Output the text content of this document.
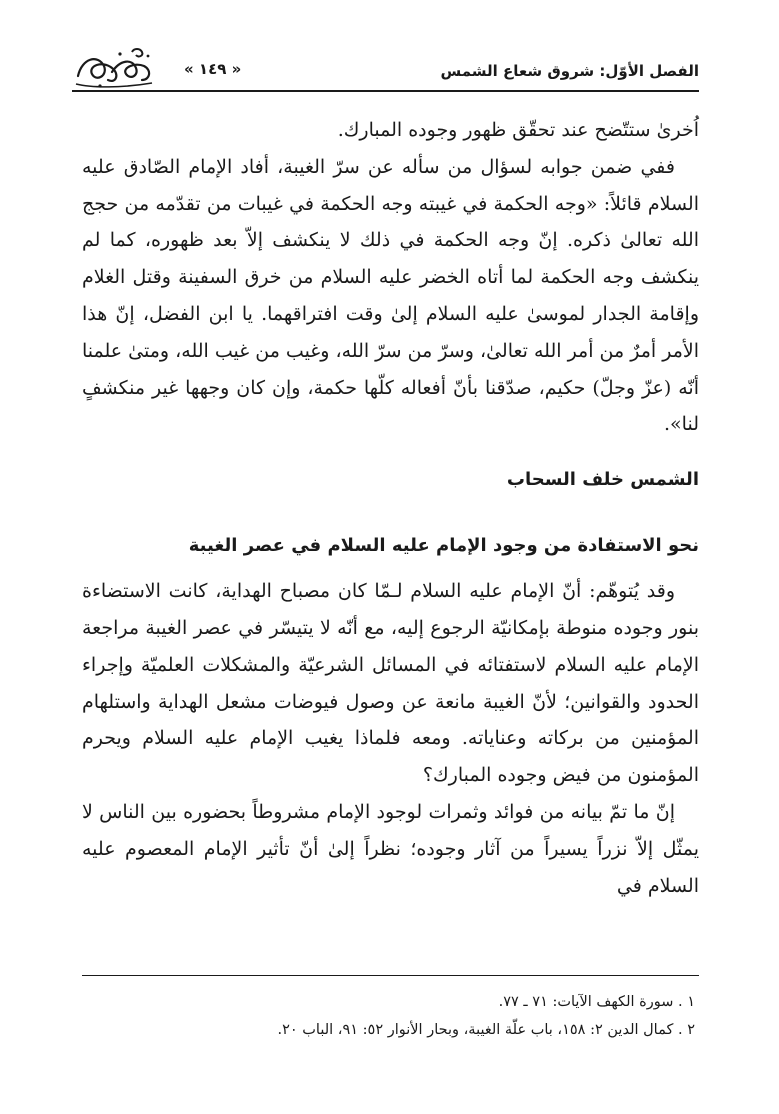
الفصل الأوّل: شروق شعاع الشمس
« ١٤٩ »

اُخرىٰ ستتّضح عند تحقّق ظهور وجوده المبارك.

ففي ضمن جوابه لسؤال من سأله عن سرّ الغيبة، أفاد الإمام الصّادق عليه السلام قائلاً: «وجه الحكمة في غيبته وجه الحكمة في غيبات من تقدّمه من حجج الله تعالىٰ ذكره. إنّ وجه الحكمة في ذلك لا ينكشف إلاّ بعد ظهوره، كما لم ينكشف وجه الحكمة لما أتاه الخضر عليه السلام من خرق السفينة وقتل الغلام وإقامة الجدار لموسىٰ عليه السلام إلىٰ وقت افتراقهما. يا ابن الفضل، إنّ هذا الأمر أمرٌ من أمر الله تعالىٰ، وسرّ من سرّ الله، وغيب من غيب الله، ومتىٰ علمنا أنّه (عزّ وجلّ) حكيم، صدّقنا بأنّ أفعاله كلّها حكمة، وإن كان وجهها غير منكشفٍ لنا».

الشمس خلف السحاب
نحو الاستفادة من وجود الإمام عليه السلام في عصر الغيبة

وقد يُتوهّم: أنّ الإمام عليه السلام لـمّا كان مصباح الهداية، كانت الاستضاءة بنور وجوده منوطة بإمكانيّة الرجوع إليه، مع أنّه لا يتيسّر في عصر الغيبة مراجعة الإمام عليه السلام لاستفتائه في المسائل الشرعيّة والمشكلات العلميّة وإجراء الحدود والقوانين؛ لأنّ الغيبة مانعة عن وصول فيوضات مشعل الهداية واستلهام المؤمنين من بركاته وعناياته. ومعه فلماذا يغيب الإمام عليه السلام ويحرم المؤمنون من فيض وجوده المبارك؟

إنّ ما تمّ بيانه من فوائد وثمرات لوجود الإمام مشروطاً بحضوره بين الناس لا يمثّل إلاّ نزراً يسيراً من آثار وجوده؛ نظراً إلىٰ أنّ تأثير الإمام المعصوم عليه السلام في

١ . سورة الكهف الآيات: ٧١ ـ ٧٧.

٢ . كمال الدين ٢: ١٥٨، باب علّة الغيبة، وبحار الأنوار ٥٢: ٩١، الباب ٢٠.
